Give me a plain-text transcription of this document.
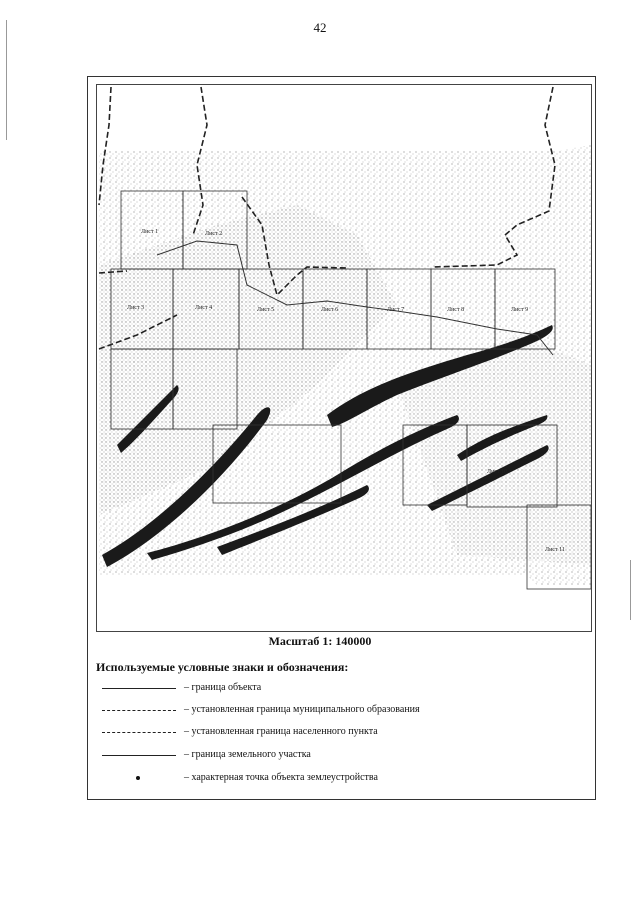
42
Лист 1	Лист 2
Лист 3	Лист 4	Лист 5	Лист 6	Лист 7	Лист 8	Лист 9
Лист 10
Лист 11
Масштаб 1: 140000
Используемые условные знаки и обозначения:
– граница объекта
– установленная граница муниципального образования
– установленная граница населенного пункта
– граница земельного участка
– характерная точка объекта землеустройства
